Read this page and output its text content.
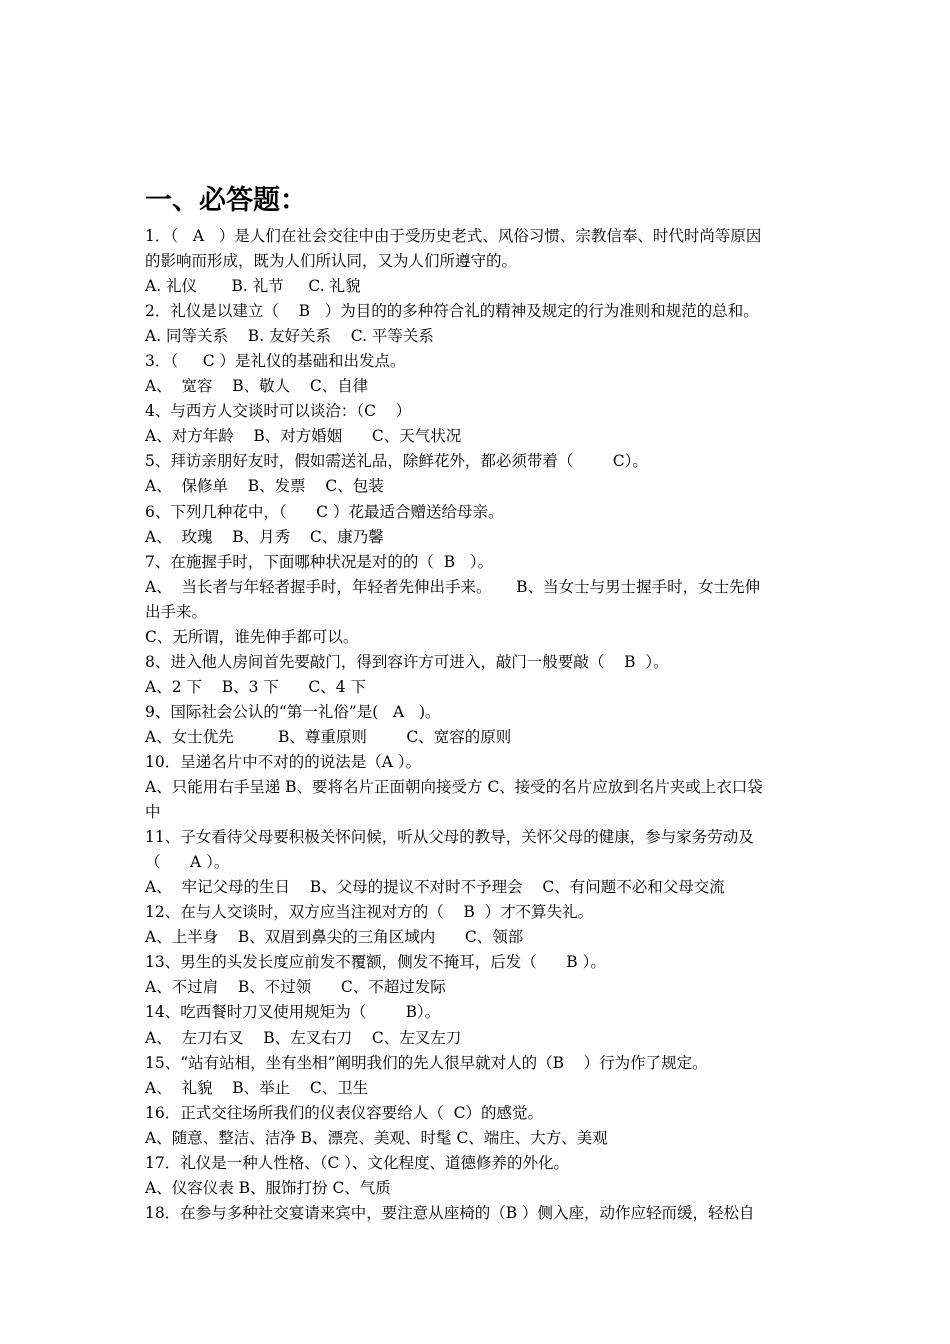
一、必答题：
1．（   A   ）是人们在社会交往中由于受历史老式、风俗习惯、宗教信奉、时代时尚等原因
的影响而形成，既为人们所认同，又为人们所遵守的。
A. 礼仪       B. 礼节     C. 礼貌
2．礼仪是以建立（    B   ）为目的的多种符合礼的精神及规定的行为准则和规范的总和。
A. 同等关系    B. 友好关系    C. 平等关系
3．（     C ）是礼仪的基础和出发点。
A、  宽容    B、敬人    C、自律
4、与西方人交谈时可以谈洽：（C    ）
A、对方年龄    B、对方婚姻      C、天气状况
5、拜访亲朋好友时，假如需送礼品，除鲜花外，都必须带着（        C）。
A、  保修单    B、发票    C、包装
6、下列几种花中，（      C ）花最适合赠送给母亲。
A、  玫瑰    B、月秀    C、康乃馨
7、在施握手时，下面哪种状况是对的的（  B   ）。
A、  当长者与年轻者握手时，年轻者先伸出手来。     B、当女士与男士握手时，女士先伸
出手来。
C、无所谓，谁先伸手都可以。
8、进入他人房间首先要敲门，得到容许方可进入，敲门一般要敲（    B  ）。
A、2 下    B、3 下      C、4 下
9、国际社会公认的“第一礼俗”是(   A   )。
A、女士优先         B、尊重原则        C、宽容的原则
10．呈递名片中不对的的说法是（A ）。
A、只能用右手呈递 B、要将名片正面朝向接受方 C、接受的名片应放到名片夹或上衣口袋
中
11、子女看待父母要积极关怀问候，听从父母的教导，关怀父母的健康，参与家务劳动及
（      A ）。
A、  牢记父母的生日    B、父母的提议不对时不予理会    C、有问题不必和父母交流
12、在与人交谈时，双方应当注视对方的（    B  ）才不算失礼。
A、上半身    B、双眉到鼻尖的三角区域内      C、领部
13、男生的头发长度应前发不覆额，侧发不掩耳，后发（      B ）。
A、不过肩    B、不过领      C、不超过发际
14、吃西餐时刀叉使用规矩为（        B）。
A、  左刀右叉    B、左叉右刀    C、左叉左刀
15、“站有站相，坐有坐相”阐明我们的先人很早就对人的（B    ）行为作了规定。
A、  礼貌    B、举止    C、卫生
16．正式交往场所我们的仪表仪容要给人（  C）的感觉。
A、随意、整洁、洁净 B、漂亮、美观、时髦 C、端庄、大方、美观
17．礼仪是一种人性格、（C ）、文化程度、道德修养的外化。
A、仪容仪表 B、服饰打扮 C、气质
18．在参与多种社交宴请来宾中，要注意从座椅的（B ）侧入座，动作应轻而缓，轻松自
